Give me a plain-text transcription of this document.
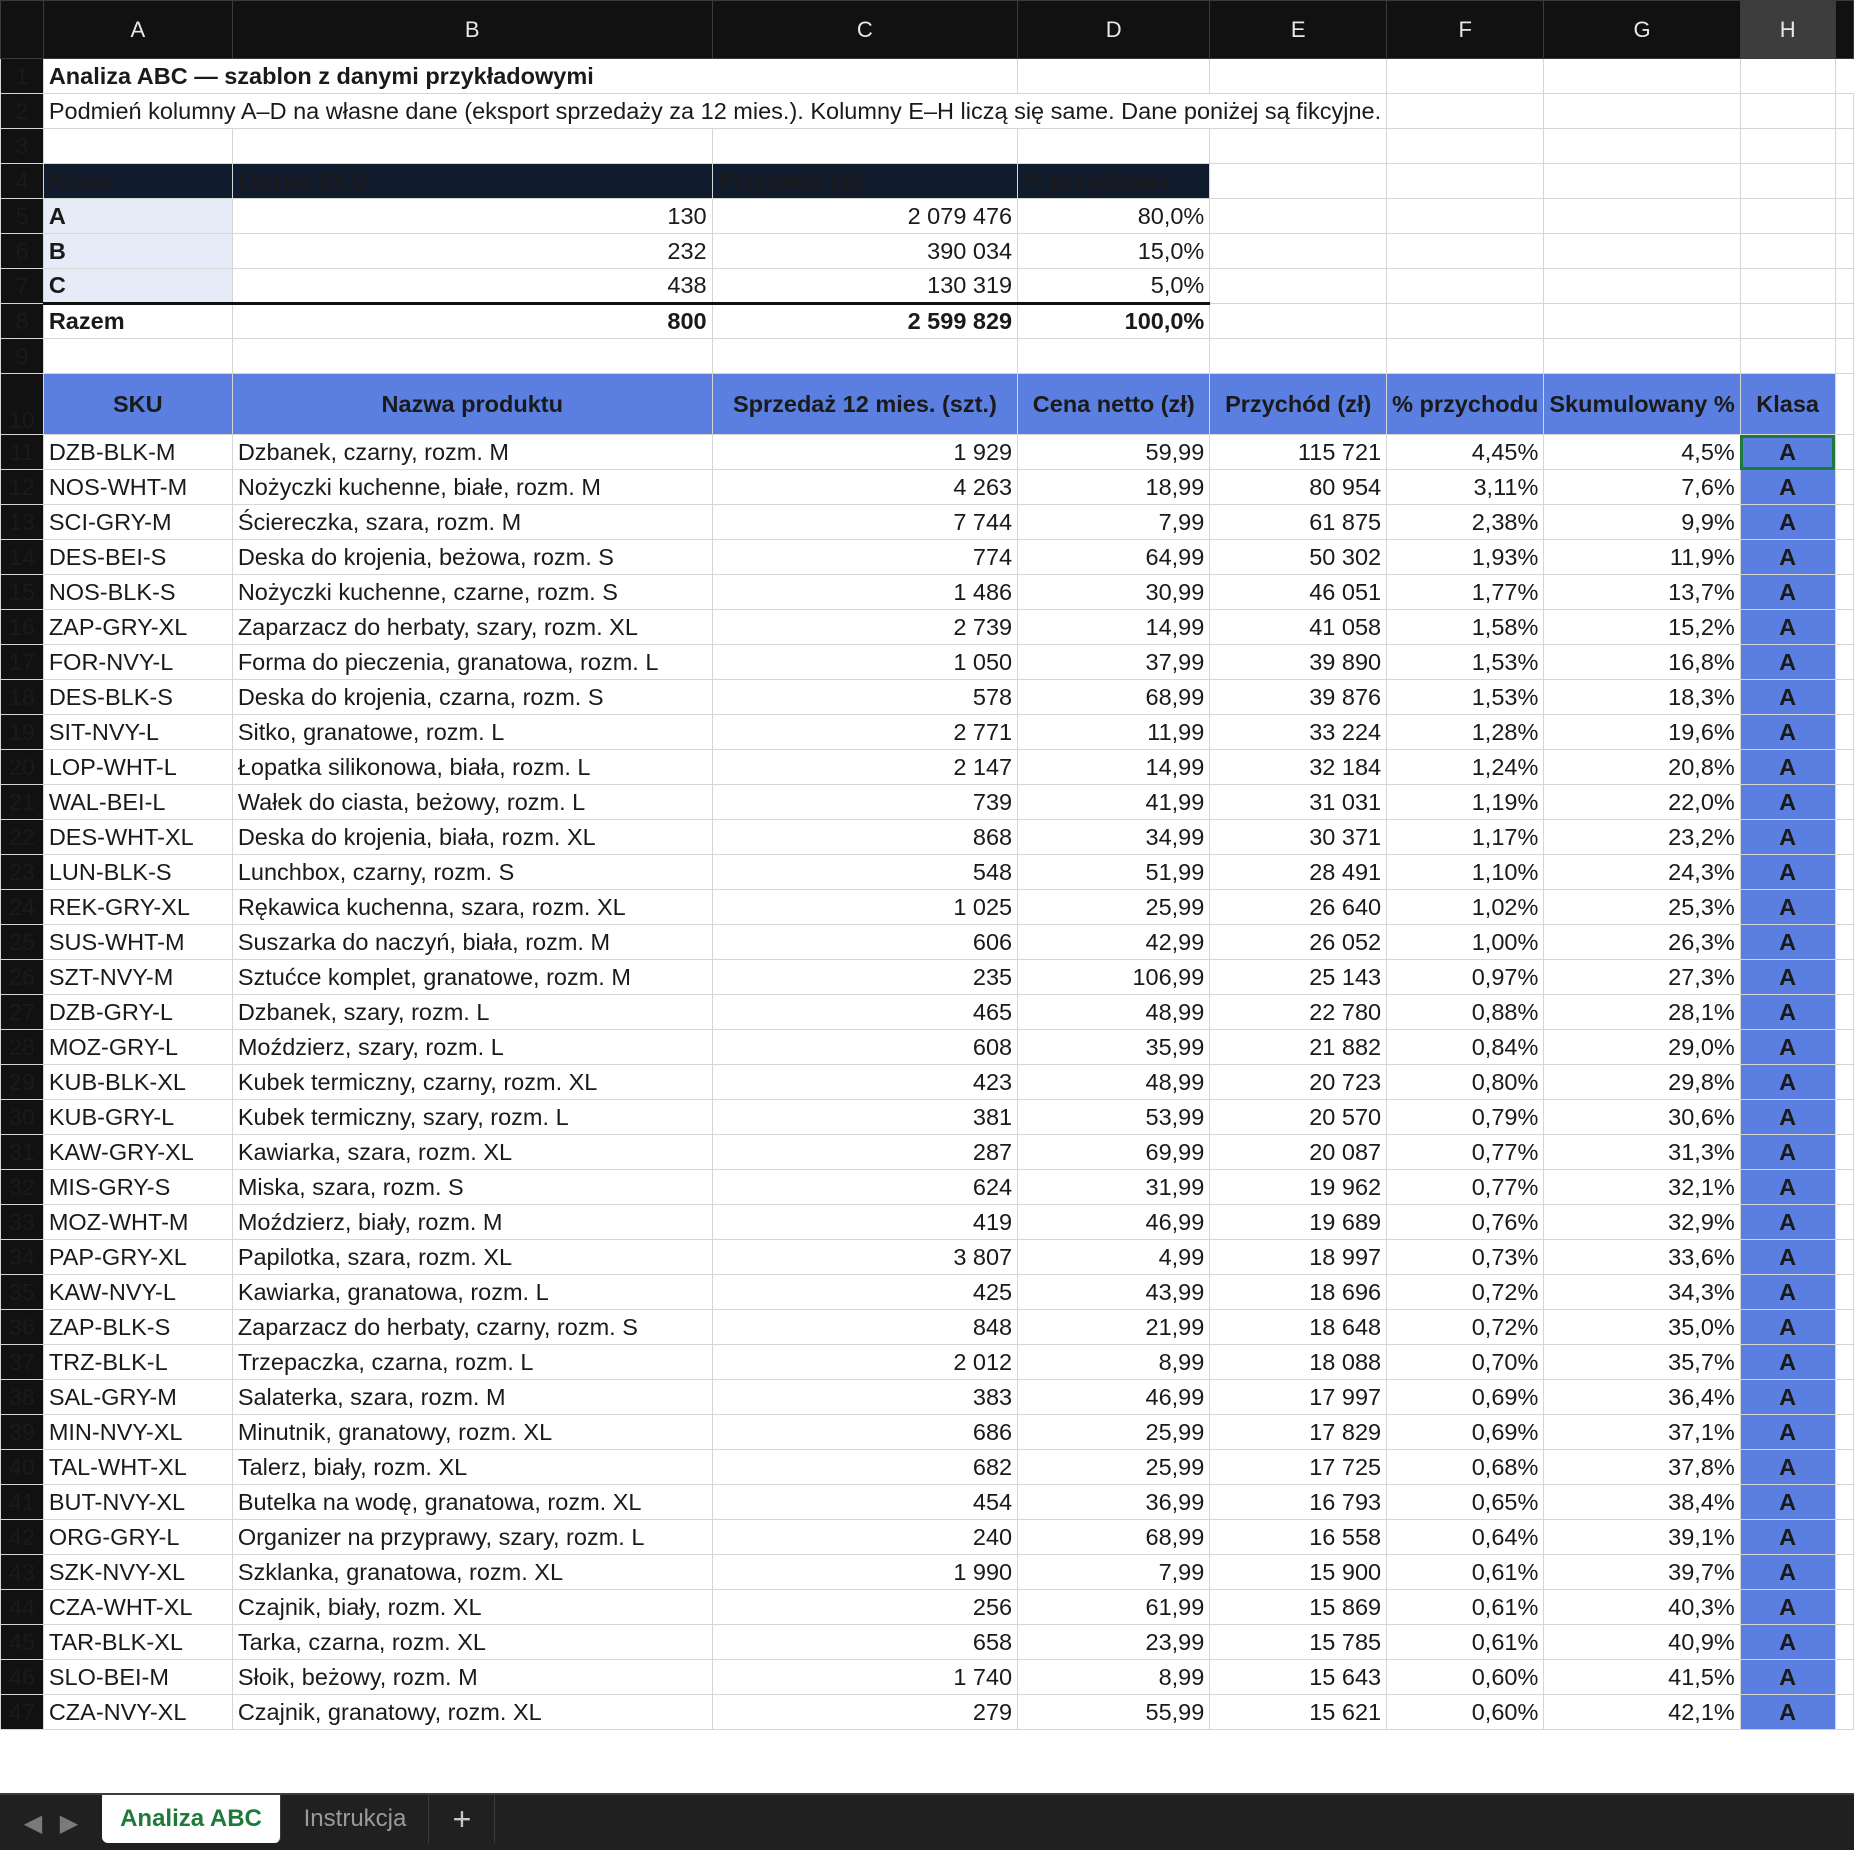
	A	B	C	D	E	F	G	H	
1	Analiza ABC — szablon z danymi przykładowymi								
2	Podmień kolumny A–D na własne dane (eksport sprzedaży za 12 mies.). Kolumny E–H liczą się same. Dane poniżej są fikcyjne.								
3									
4	Klasa	Liczba SKU	Przychód (zł)	% przychodu					
5	A	130	2 079 476	80,0%					
6	B	232	390 034	15,0%					
7	C	438	130 319	5,0%					
8	Razem	800	2 599 829	100,0%					
9									
10	SKU	Nazwa produktu	Sprzedaż 12 mies. (szt.)	Cena netto (zł)	Przychód (zł)	% przychodu	Skumulowany %	Klasa	
11	DZB-BLK-M	Dzbanek, czarny, rozm. M	1 929	59,99	115 721	4,45%	4,5%	A	
12	NOS-WHT-M	Nożyczki kuchenne, białe, rozm. M	4 263	18,99	80 954	3,11%	7,6%	A	
13	SCI-GRY-M	Ściereczka, szara, rozm. M	7 744	7,99	61 875	2,38%	9,9%	A	
14	DES-BEI-S	Deska do krojenia, beżowa, rozm. S	774	64,99	50 302	1,93%	11,9%	A	
15	NOS-BLK-S	Nożyczki kuchenne, czarne, rozm. S	1 486	30,99	46 051	1,77%	13,7%	A	
16	ZAP-GRY-XL	Zaparzacz do herbaty, szary, rozm. XL	2 739	14,99	41 058	1,58%	15,2%	A	
17	FOR-NVY-L	Forma do pieczenia, granatowa, rozm. L	1 050	37,99	39 890	1,53%	16,8%	A	
18	DES-BLK-S	Deska do krojenia, czarna, rozm. S	578	68,99	39 876	1,53%	18,3%	A	
19	SIT-NVY-L	Sitko, granatowe, rozm. L	2 771	11,99	33 224	1,28%	19,6%	A	
20	LOP-WHT-L	Łopatka silikonowa, biała, rozm. L	2 147	14,99	32 184	1,24%	20,8%	A	
21	WAL-BEI-L	Wałek do ciasta, beżowy, rozm. L	739	41,99	31 031	1,19%	22,0%	A	
22	DES-WHT-XL	Deska do krojenia, biała, rozm. XL	868	34,99	30 371	1,17%	23,2%	A	
23	LUN-BLK-S	Lunchbox, czarny, rozm. S	548	51,99	28 491	1,10%	24,3%	A	
24	REK-GRY-XL	Rękawica kuchenna, szara, rozm. XL	1 025	25,99	26 640	1,02%	25,3%	A	
25	SUS-WHT-M	Suszarka do naczyń, biała, rozm. M	606	42,99	26 052	1,00%	26,3%	A	
26	SZT-NVY-M	Sztućce komplet, granatowe, rozm. M	235	106,99	25 143	0,97%	27,3%	A	
27	DZB-GRY-L	Dzbanek, szary, rozm. L	465	48,99	22 780	0,88%	28,1%	A	
28	MOZ-GRY-L	Moździerz, szary, rozm. L	608	35,99	21 882	0,84%	29,0%	A	
29	KUB-BLK-XL	Kubek termiczny, czarny, rozm. XL	423	48,99	20 723	0,80%	29,8%	A	
30	KUB-GRY-L	Kubek termiczny, szary, rozm. L	381	53,99	20 570	0,79%	30,6%	A	
31	KAW-GRY-XL	Kawiarka, szara, rozm. XL	287	69,99	20 087	0,77%	31,3%	A	
32	MIS-GRY-S	Miska, szara, rozm. S	624	31,99	19 962	0,77%	32,1%	A	
33	MOZ-WHT-M	Moździerz, biały, rozm. M	419	46,99	19 689	0,76%	32,9%	A	
34	PAP-GRY-XL	Papilotka, szara, rozm. XL	3 807	4,99	18 997	0,73%	33,6%	A	
35	KAW-NVY-L	Kawiarka, granatowa, rozm. L	425	43,99	18 696	0,72%	34,3%	A	
36	ZAP-BLK-S	Zaparzacz do herbaty, czarny, rozm. S	848	21,99	18 648	0,72%	35,0%	A	
37	TRZ-BLK-L	Trzepaczka, czarna, rozm. L	2 012	8,99	18 088	0,70%	35,7%	A	
38	SAL-GRY-M	Salaterka, szara, rozm. M	383	46,99	17 997	0,69%	36,4%	A	
39	MIN-NVY-XL	Minutnik, granatowy, rozm. XL	686	25,99	17 829	0,69%	37,1%	A	
40	TAL-WHT-XL	Talerz, biały, rozm. XL	682	25,99	17 725	0,68%	37,8%	A	
41	BUT-NVY-XL	Butelka na wodę, granatowa, rozm. XL	454	36,99	16 793	0,65%	38,4%	A	
42	ORG-GRY-L	Organizer na przyprawy, szary, rozm. L	240	68,99	16 558	0,64%	39,1%	A	
43	SZK-NVY-XL	Szklanka, granatowa, rozm. XL	1 990	7,99	15 900	0,61%	39,7%	A	
44	CZA-WHT-XL	Czajnik, biały, rozm. XL	256	61,99	15 869	0,61%	40,3%	A	
45	TAR-BLK-XL	Tarka, czarna, rozm. XL	658	23,99	15 785	0,61%	40,9%	A	
46	SLO-BEI-M	Słoik, beżowy, rozm. M	1 740	8,99	15 643	0,60%	41,5%	A	
47	CZA-NVY-XL	Czajnik, granatowy, rozm. XL	279	55,99	15 621	0,60%	42,1%	A	
◀ ▶	Analiza ABC	Instrukcja	+
